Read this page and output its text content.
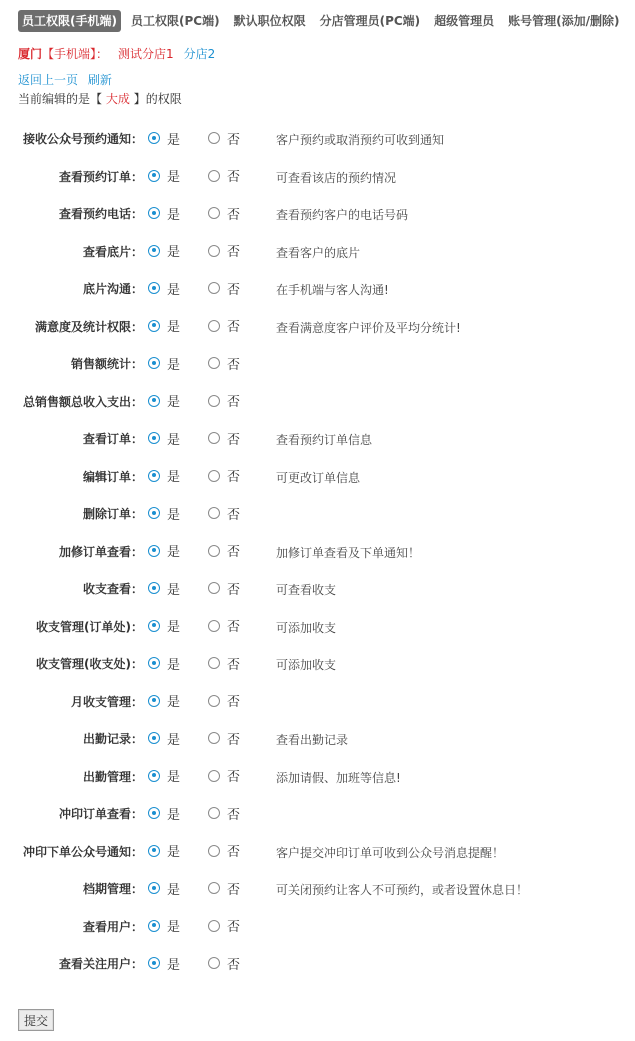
员工权限(手机端) 员工权限(PC端) 默认职位权限 分店管理员(PC端) 超级管理员 账号管理(添加/删除)
厦门【手机端】： 测试分店1 分店2
返回上一页 刷新
当前编辑的是【 大成 】的权限
接收公众号预约通知： 是	否	客户预约或取消预约可收到通知
查看预约订单： 是	否	可查看该店的预约情况
查看预约电话： 是	否	查看预约客户的电话号码
查看底片： 是	否	查看客户的底片
底片沟通： 是	否	在手机端与客人沟通!
满意度及统计权限： 是	否	查看满意度客户评价及平均分统计!
销售额统计： 是	否
总销售额总收入支出： 是	否
查看订单： 是	否	查看预约订单信息
编辑订单： 是	否	可更改订单信息
删除订单： 是	否
加修订单查看： 是	否	加修订单查看及下单通知！
收支查看： 是	否	可查看收支
收支管理(订单处)： 是	否	可添加收支
收支管理(收支处)： 是	否	可添加收支
月收支管理： 是	否
出勤记录： 是	否	查看出勤记录
出勤管理： 是	否	添加请假、加班等信息!
冲印订单查看： 是	否
冲印下单公众号通知： 是	否	客户提交冲印订单可收到公众号消息提醒！
档期管理： 是	否	可关闭预约让客人不可预约，或者设置休息日！
查看用户： 是	否
查看关注用户： 是	否
提交
